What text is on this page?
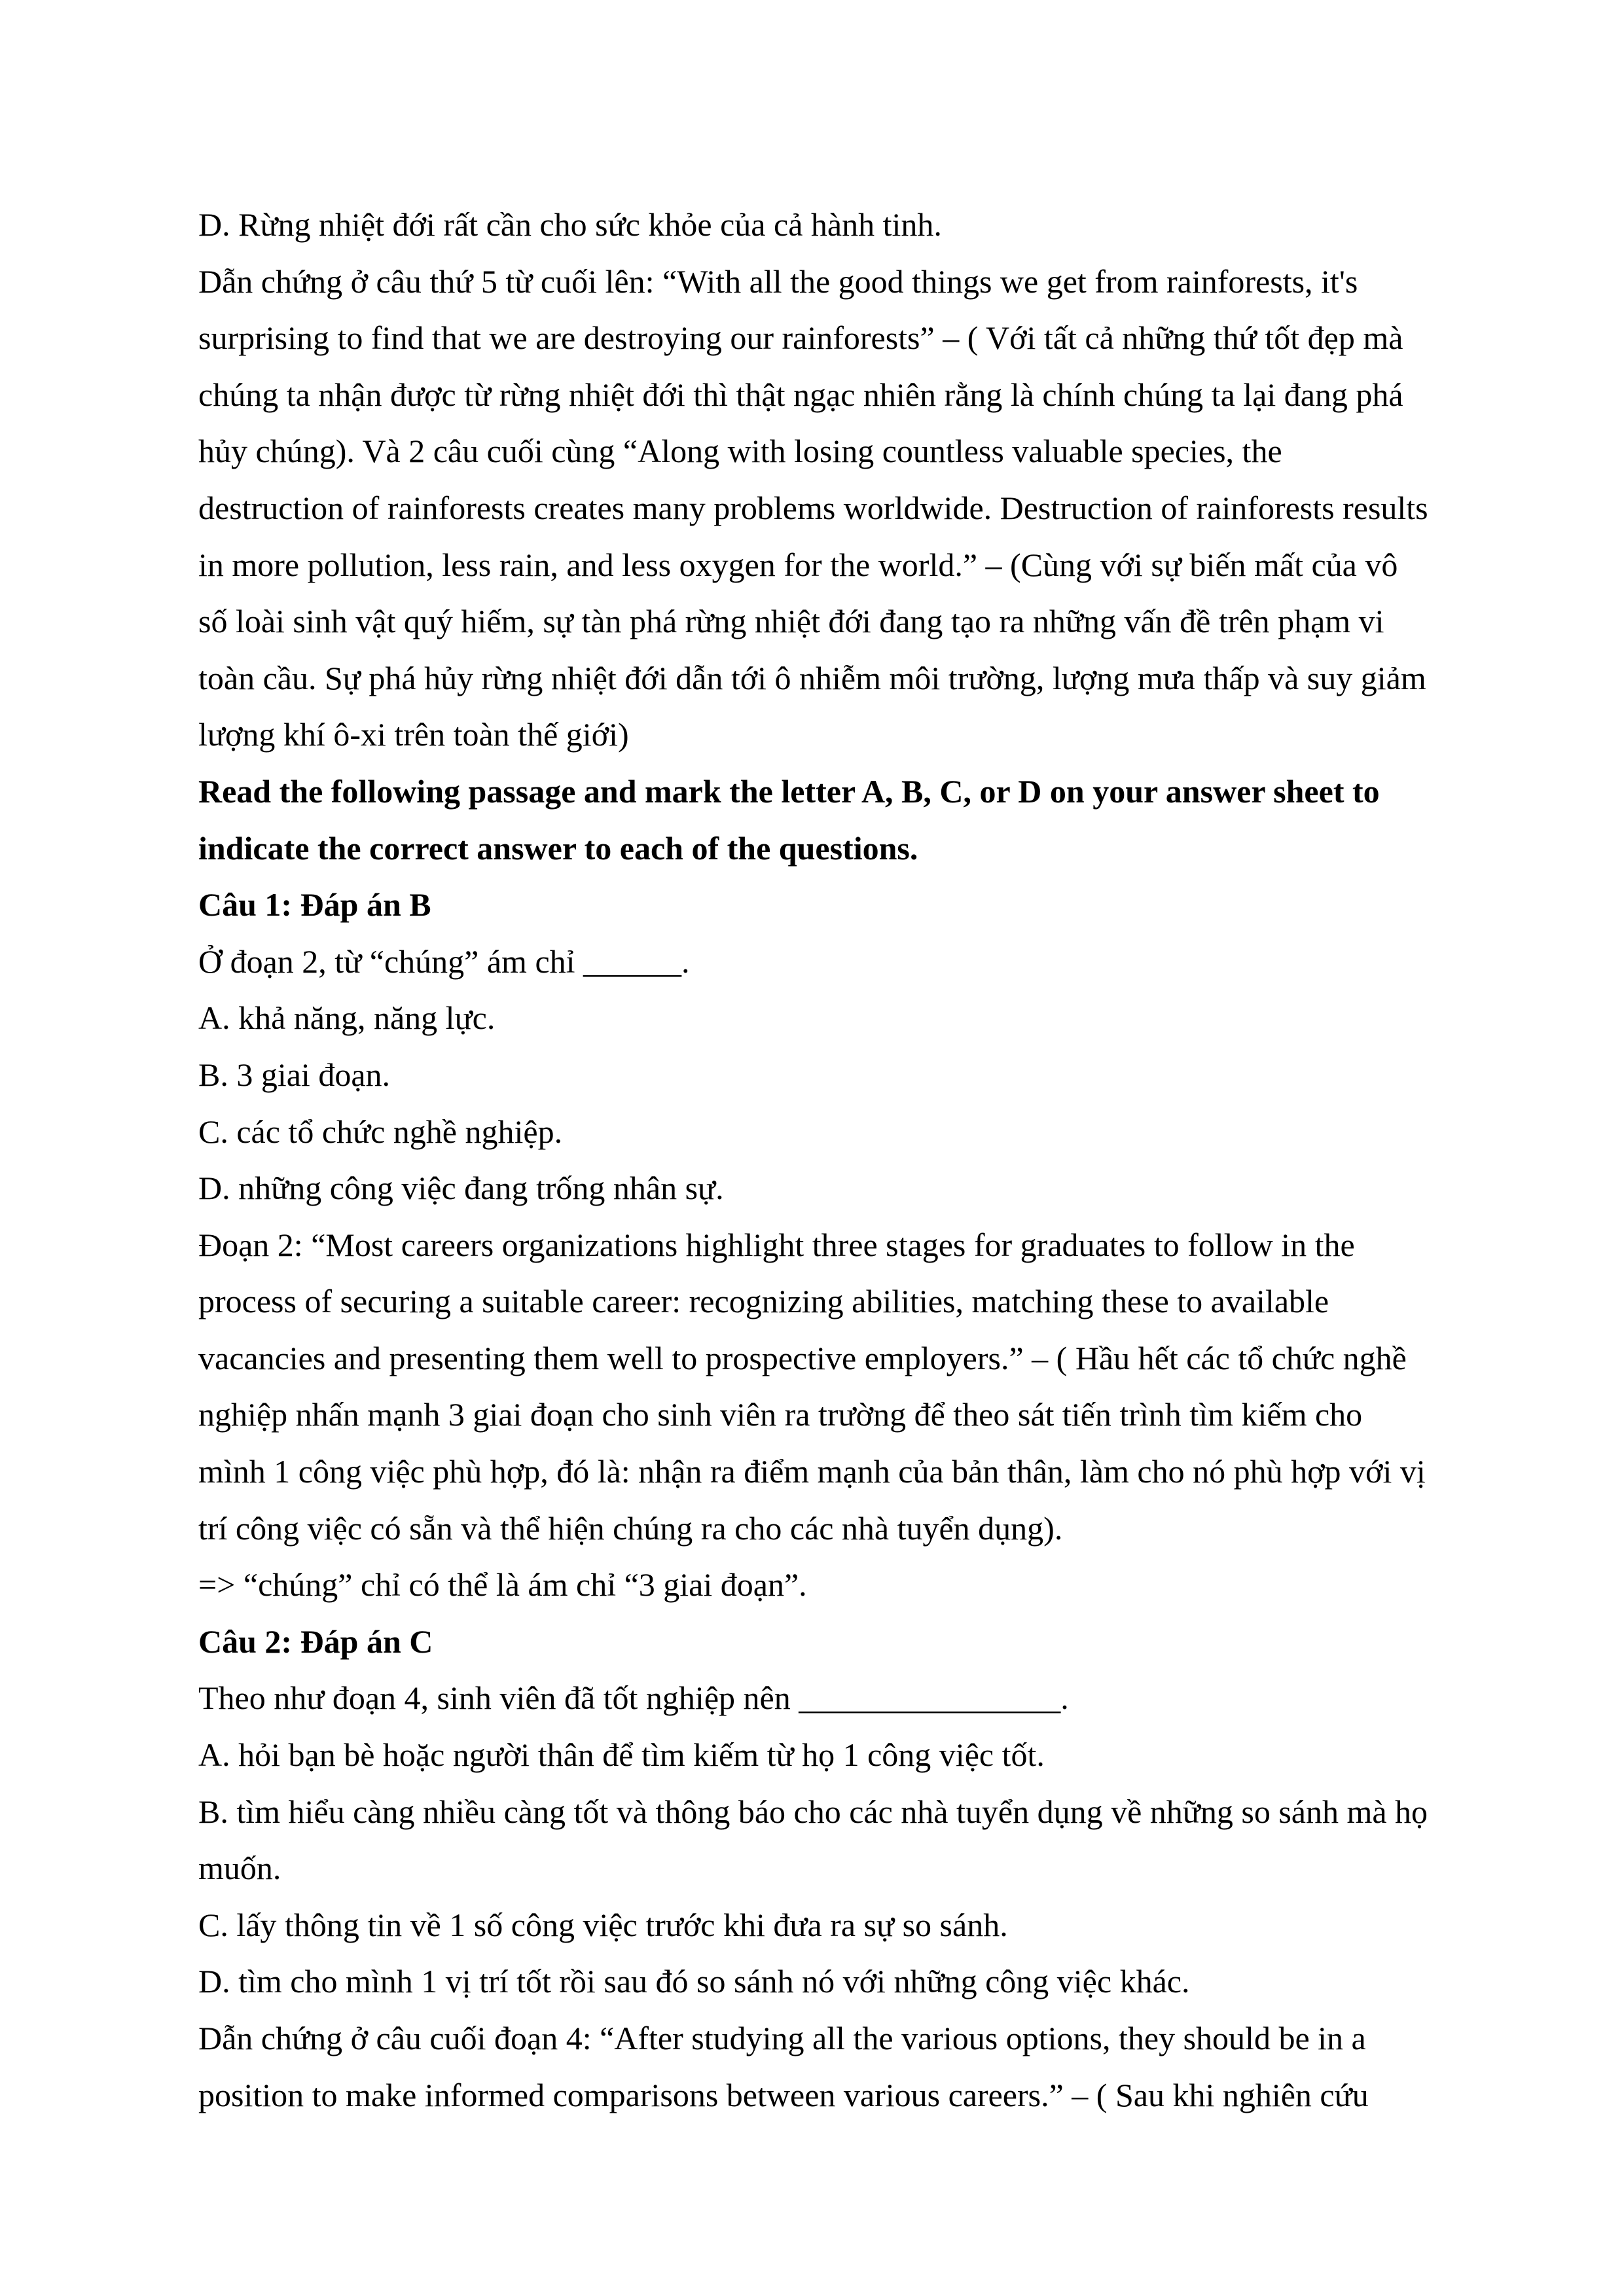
D. Rừng nhiệt đới rất cần cho sức khỏe của cả hành tinh.
Dẫn chứng ở câu thứ 5 từ cuối lên: “With all the good things we get from rainforests, it's
surprising to find that we are destroying our rainforests” – ( Với tất cả những thứ tốt đẹp mà
chúng ta nhận được từ rừng nhiệt đới thì thật ngạc nhiên rằng là chính chúng ta lại đang phá
hủy chúng). Và 2 câu cuối cùng “Along with losing countless valuable species, the
destruction of rainforests creates many problems worldwide. Destruction of rainforests results
in more pollution, less rain, and less oxygen for the world.” – (Cùng với sự biến mất của vô
số loài sinh vật quý hiếm, sự tàn phá rừng nhiệt đới đang tạo ra những vấn đề trên phạm vi
toàn cầu. Sự phá hủy rừng nhiệt đới dẫn tới ô nhiễm môi trường, lượng mưa thấp và suy giảm
lượng khí ô-xi trên toàn thế giới)
Read the following passage and mark the letter A, B, C, or D on your answer sheet to
indicate the correct answer to each of the questions.
Câu 1: Đáp án B
Ở đoạn 2, từ “chúng” ám chỉ ______.
A. khả năng, năng lực.
B. 3 giai đoạn.
C. các tổ chức nghề nghiệp.
D. những công việc đang trống nhân sự.
Đoạn 2: “Most careers organizations highlight three stages for graduates to follow in the
process of securing a suitable career: recognizing abilities, matching these to available
vacancies and presenting them well to prospective employers.” – ( Hầu hết các tổ chức nghề
nghiệp nhấn mạnh 3 giai đoạn cho sinh viên ra trường để theo sát tiến trình tìm kiếm cho
mình 1 công việc phù hợp, đó là: nhận ra điểm mạnh của bản thân, làm cho nó phù hợp với vị
trí công việc có sẵn và thể hiện chúng ra cho các nhà tuyển dụng).
=> “chúng” chỉ có thể là ám chỉ “3 giai đoạn”.
Câu 2: Đáp án C
Theo như đoạn 4, sinh viên đã tốt nghiệp nên ________________.
A. hỏi bạn bè hoặc người thân để tìm kiếm từ họ 1 công việc tốt.
B. tìm hiểu càng nhiều càng tốt và thông báo cho các nhà tuyển dụng về những so sánh mà họ
muốn.
C. lấy thông tin về 1 số công việc trước khi đưa ra sự so sánh.
D. tìm cho mình 1 vị trí tốt rồi sau đó so sánh nó với những công việc khác.
Dẫn chứng ở câu cuối đoạn 4: “After studying all the various options, they should be in a
position to make informed comparisons between various careers.” – ( Sau khi nghiên cứu
